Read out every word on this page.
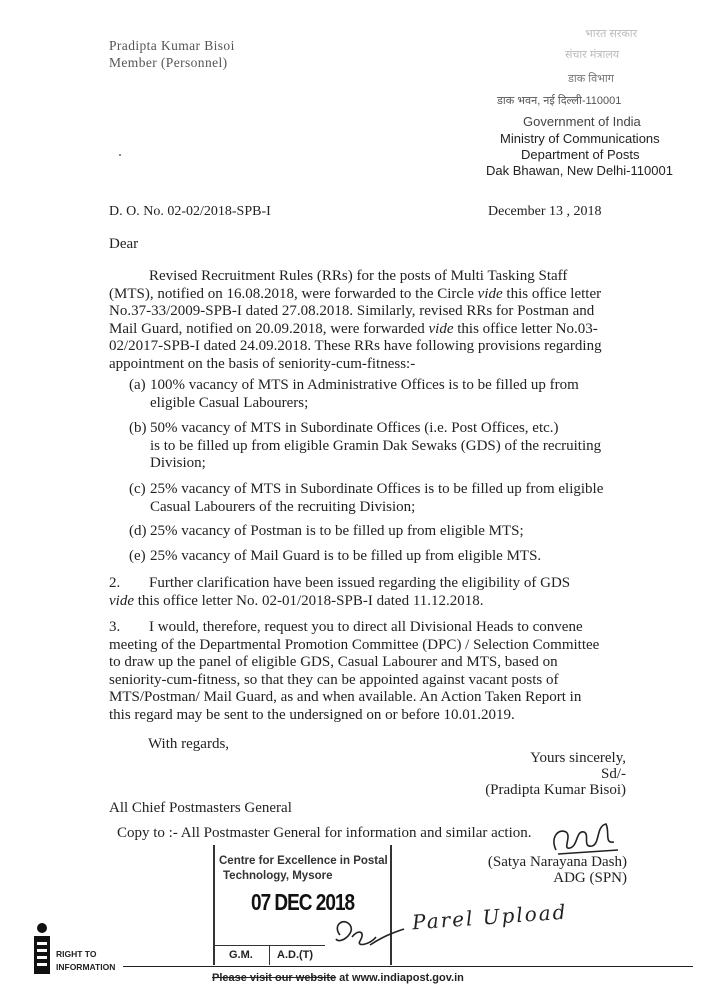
Pradipta Kumar Bisoi
Member (Personnel)
भारत सरकार
संचार मंत्रालय
डाक विभाग
डाक भवन, नई दिल्ली-110001
Government of India
Ministry of Communications
Department of Posts
Dak Bhawan, New Delhi-110001
D. O. No. 02-02/2018-SPB-I	December 13 , 2018
Dear
Revised Recruitment Rules (RRs) for the posts of Multi Tasking Staff
(MTS), notified on 16.08.2018, were forwarded to the Circle vide this office letter
No.37-33/2009-SPB-I dated 27.08.2018. Similarly, revised RRs for Postman and
Mail Guard, notified on 20.09.2018, were forwarded vide this office letter No.03-
02/2017-SPB-I dated 24.09.2018. These RRs have following provisions regarding
appointment on the basis of seniority-cum-fitness:-
(a) 100% vacancy of MTS in Administrative Offices is to be filled up from
eligible Casual Labourers;
(b) 50% vacancy of MTS in Subordinate Offices (i.e. Post Offices, etc.)
is to be filled up from eligible Gramin Dak Sewaks (GDS) of the recruiting
Division;
(c) 25% vacancy of MTS in Subordinate Offices is to be filled up from eligible
Casual Labourers of the recruiting Division;
(d) 25% vacancy of Postman is to be filled up from eligible MTS;
(e) 25% vacancy of Mail Guard is to be filled up from eligible MTS.
2.	Further clarification have been issued regarding the eligibility of GDS
vide this office letter No. 02-01/2018-SPB-I dated 11.12.2018.
3.	I would, therefore, request you to direct all Divisional Heads to convene
meeting of the Departmental Promotion Committee (DPC) / Selection Committee
to draw up the panel of eligible GDS, Casual Labourer and MTS, based on
seniority-cum-fitness, so that they can be appointed against vacant posts of
MTS/Postman/ Mail Guard, as and when available. An Action Taken Report in
this regard may be sent to the undersigned on or before 10.01.2019.
With regards,
Yours sincerely,
Sd/-
(Pradipta Kumar Bisoi)
All Chief Postmasters General
Copy to :- All Postmaster General for information and similar action.
(Satya Narayana Dash)
ADG (SPN)
Centre for Excellence in Postal
Technology, Mysore
07 DEC 2018
G.M. A.D.(T)
Parel Upload
RIGHT TO
INFORMATION
Please visit our website at www.indiapost.gov.in
